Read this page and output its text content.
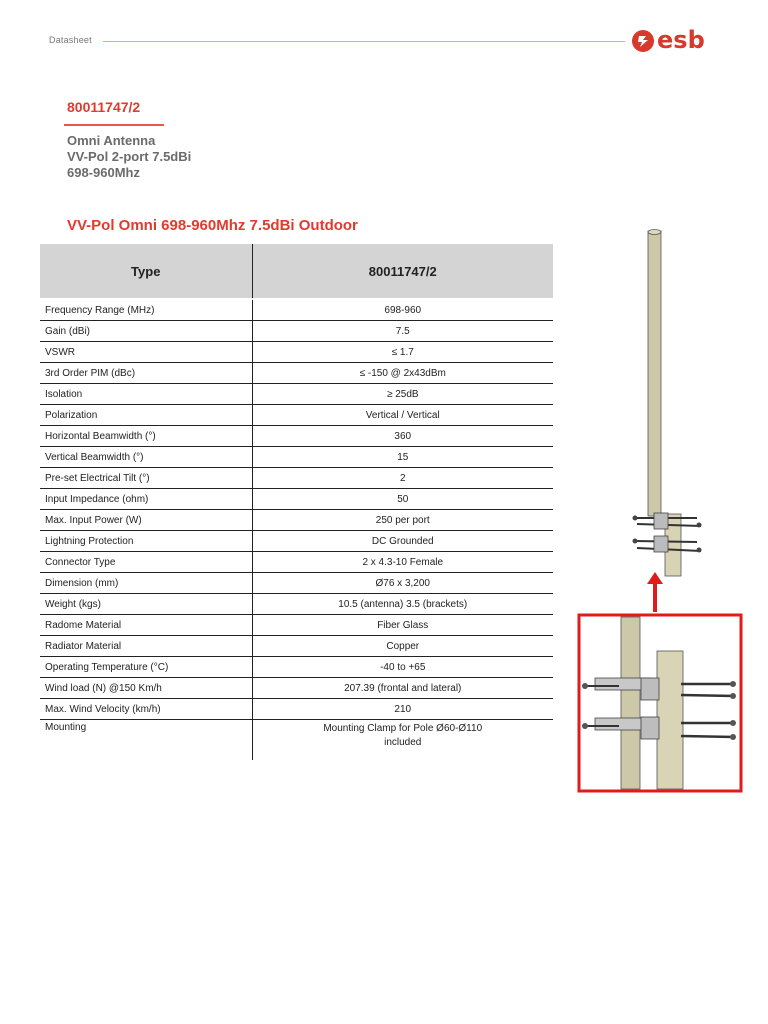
Datasheet	esb
80011747/2
Omni Antenna
VV-Pol 2-port 7.5dBi
698-960Mhz
VV-Pol Omni 698-960Mhz 7.5dBi Outdoor
Type	80011747/2
Frequency Range (MHz)	698-960
Gain (dBi)	7.5
VSWR	≤ 1.7
3rd Order PIM (dBc)	≤ -150 @ 2x43dBm
Isolation	≥ 25dB
Polarization	Vertical / Vertical
Horizontal Beamwidth (°)	360
Vertical Beamwidth (°)	15
Pre-set Electrical Tilt (°)	2
Input Impedance (ohm)	50
Max. Input Power (W)	250 per port
Lightning Protection	DC Grounded
Connector Type	2 x 4.3-10 Female
Dimension (mm)	Ø76 x 3,200
Weight (kgs)	10.5 (antenna) 3.5 (brackets)
Radome Material	Fiber Glass
Radiator Material	Copper
Operating Temperature (°C)	-40 to +65
Wind load (N) @150 Km/h	207.39 (frontal and lateral)
Max. Wind Velocity (km/h)	210
Mounting	Mounting Clamp for Pole Ø60-Ø110
included
